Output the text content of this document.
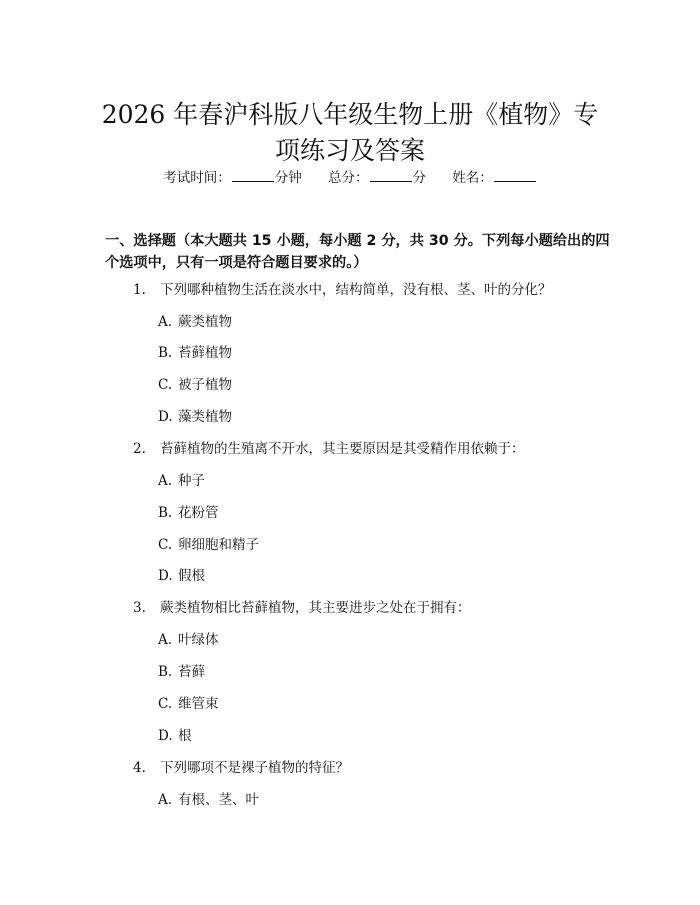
2026 年春沪科版八年级生物上册《植物》专
项练习及答案
考试时间：	分钟 总分：	分 姓名：
一、选择题（本大题共 15 小题，每小题 2 分，共 30 分。下列每小题给出的四个选项中，只有一项是符合题目要求的。）
1. 下列哪种植物生活在淡水中，结构简单，没有根、茎、叶的分化？
A. 蕨类植物
B. 苔藓植物
C. 被子植物
D. 藻类植物
2. 苔藓植物的生殖离不开水，其主要原因是其受精作用依赖于：
A. 种子
B. 花粉管
C. 卵细胞和精子
D. 假根
3. 蕨类植物相比苔藓植物，其主要进步之处在于拥有：
A. 叶绿体
B. 苔藓
C. 维管束
D. 根
4. 下列哪项不是裸子植物的特征？
A. 有根、茎、叶
